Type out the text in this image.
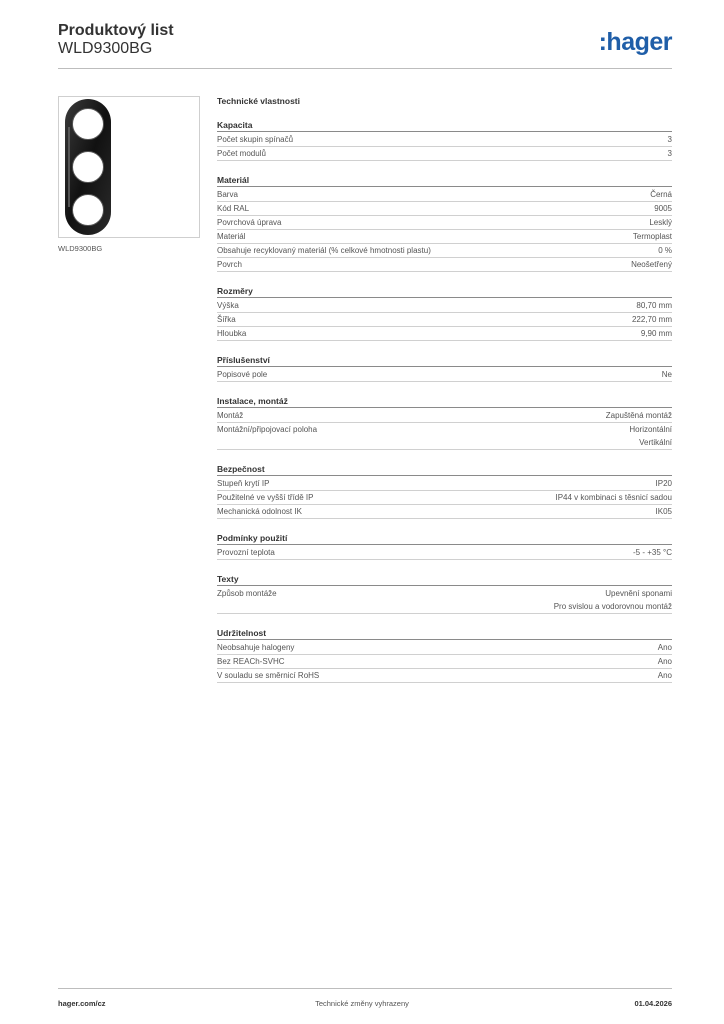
Produktový list
WLD9300BG	:hager
WLD9300BG
Technické vlastnosti
Kapacita
Počet skupin spínačů	3
Počet modulů	3
Materiál
Barva	Černá
Kód RAL	9005
Povrchová úprava	Lesklý
Materiál	Termoplast
Obsahuje recyklovaný materiál (% celkové hmotnosti plastu)	0 %
Povrch	Neošetřený
Rozměry
Výška	80,70 mm
Šířka	222,70 mm
Hloubka	9,90 mm
Příslušenství
Popisové pole	Ne
Instalace, montáž
Montáž	Zapuštěná montáž
Montážní/připojovací poloha	Horizontální
Vertikální
Bezpečnost
Stupeň krytí IP	IP20
Použitelné ve vyšší třídě IP	IP44 v kombinaci s těsnicí sadou
Mechanická odolnost IK	IK05
Podmínky použití
Provozní teplota	-5 - +35 °C
Texty
Způsob montáže	Upevnění sponami
Pro svislou a vodorovnou montáž
Udržitelnost
Neobsahuje halogeny	Ano
Bez REACh-SVHC	Ano
V souladu se směrnicí RoHS	Ano
hager.com/cz	Technické změny vyhrazeny	01.04.2026
